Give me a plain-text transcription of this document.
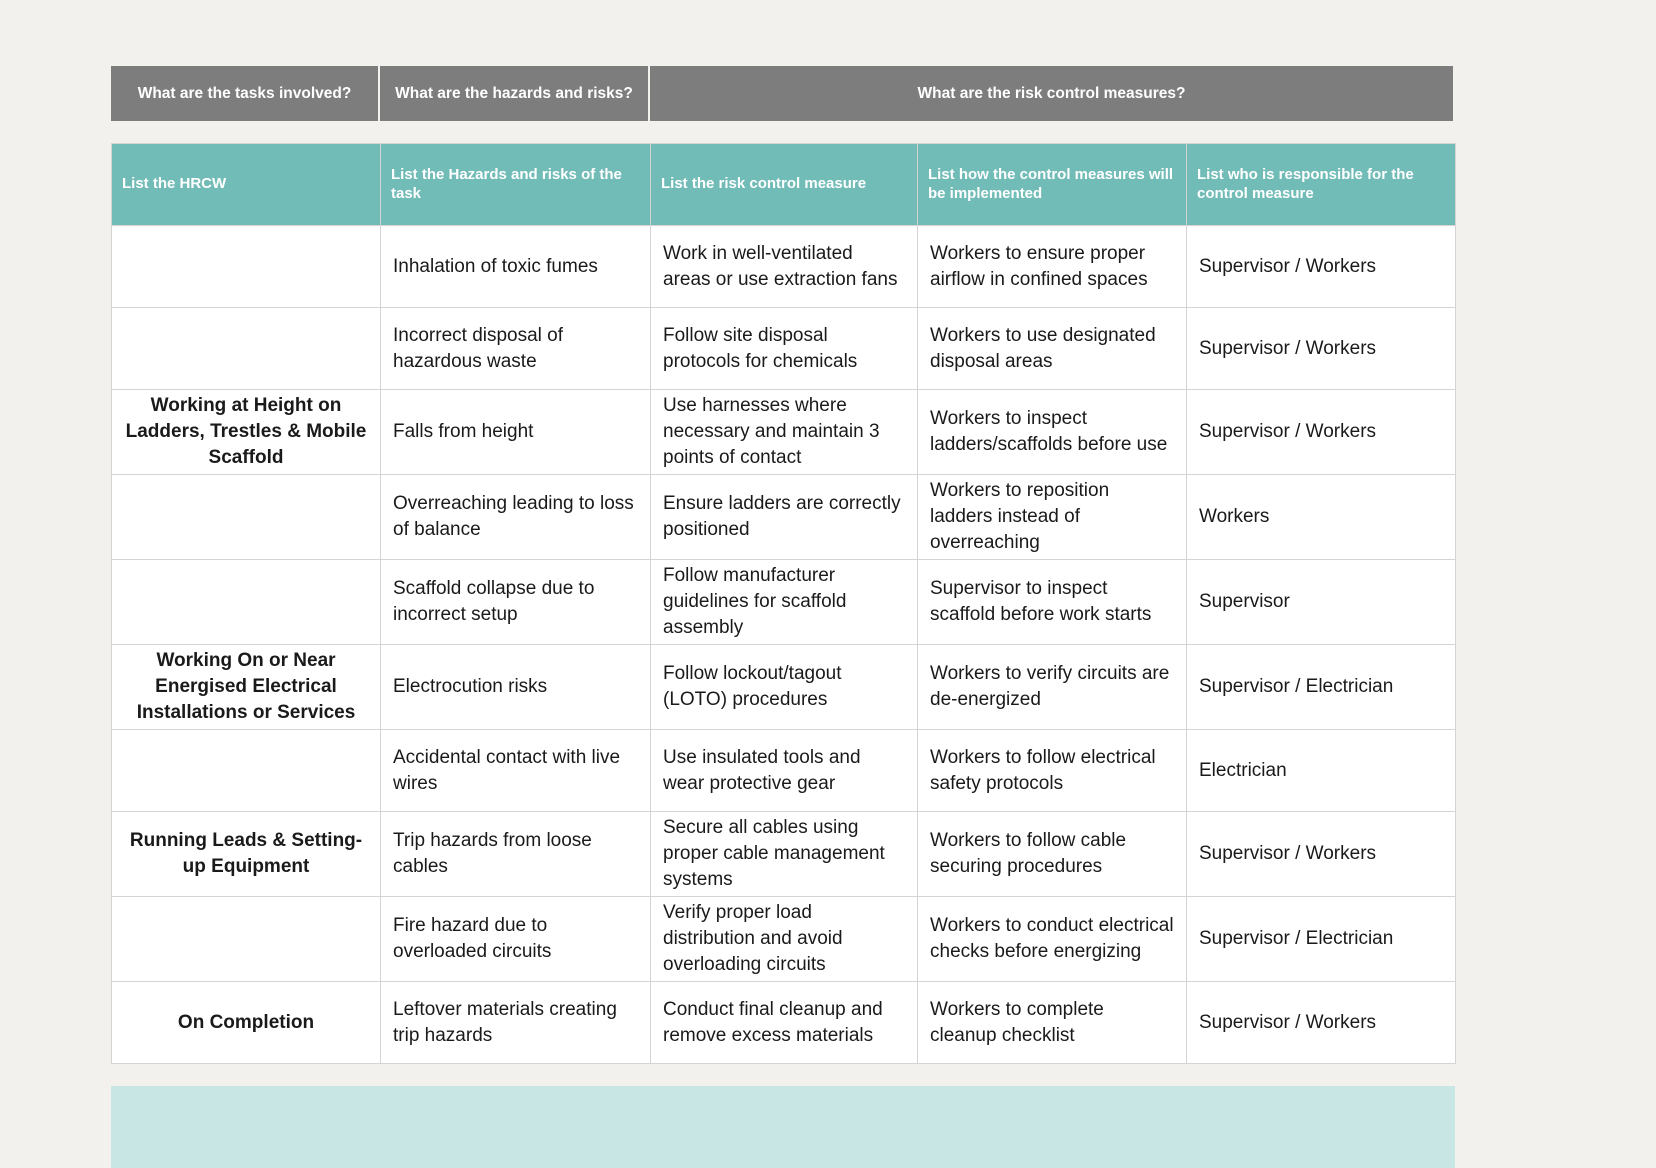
What are the tasks involved?	What are the hazards and risks?	What are the risk control measures?
List the HRCW	List the Hazards and risks of the task	List the risk control measure	List how the control measures will be implemented	List who is responsible for the control measure
	Inhalation of toxic fumes	Work in well-ventilated areas or use extraction fans	Workers to ensure proper airflow in confined spaces	Supervisor / Workers
	Incorrect disposal of hazardous waste	Follow site disposal protocols for chemicals	Workers to use designated disposal areas	Supervisor / Workers
Working at Height on Ladders, Trestles & Mobile Scaffold	Falls from height	Use harnesses where necessary and maintain 3 points of contact	Workers to inspect ladders/scaffolds before use	Supervisor / Workers
	Overreaching leading to loss of balance	Ensure ladders are correctly positioned	Workers to reposition ladders instead of overreaching	Workers
	Scaffold collapse due to incorrect setup	Follow manufacturer guidelines for scaffold assembly	Supervisor to inspect scaffold before work starts	Supervisor
Working On or Near Energised Electrical Installations or Services	Electrocution risks	Follow lockout/tagout (LOTO) procedures	Workers to verify circuits are de-energized	Supervisor / Electrician
	Accidental contact with live wires	Use insulated tools and wear protective gear	Workers to follow electrical safety protocols	Electrician
Running Leads & Setting-up Equipment	Trip hazards from loose cables	Secure all cables using proper cable management systems	Workers to follow cable securing procedures	Supervisor / Workers
	Fire hazard due to overloaded circuits	Verify proper load distribution and avoid overloading circuits	Workers to conduct electrical checks before energizing	Supervisor / Electrician
On Completion	Leftover materials creating trip hazards	Conduct final cleanup and remove excess materials	Workers to complete cleanup checklist	Supervisor / Workers
